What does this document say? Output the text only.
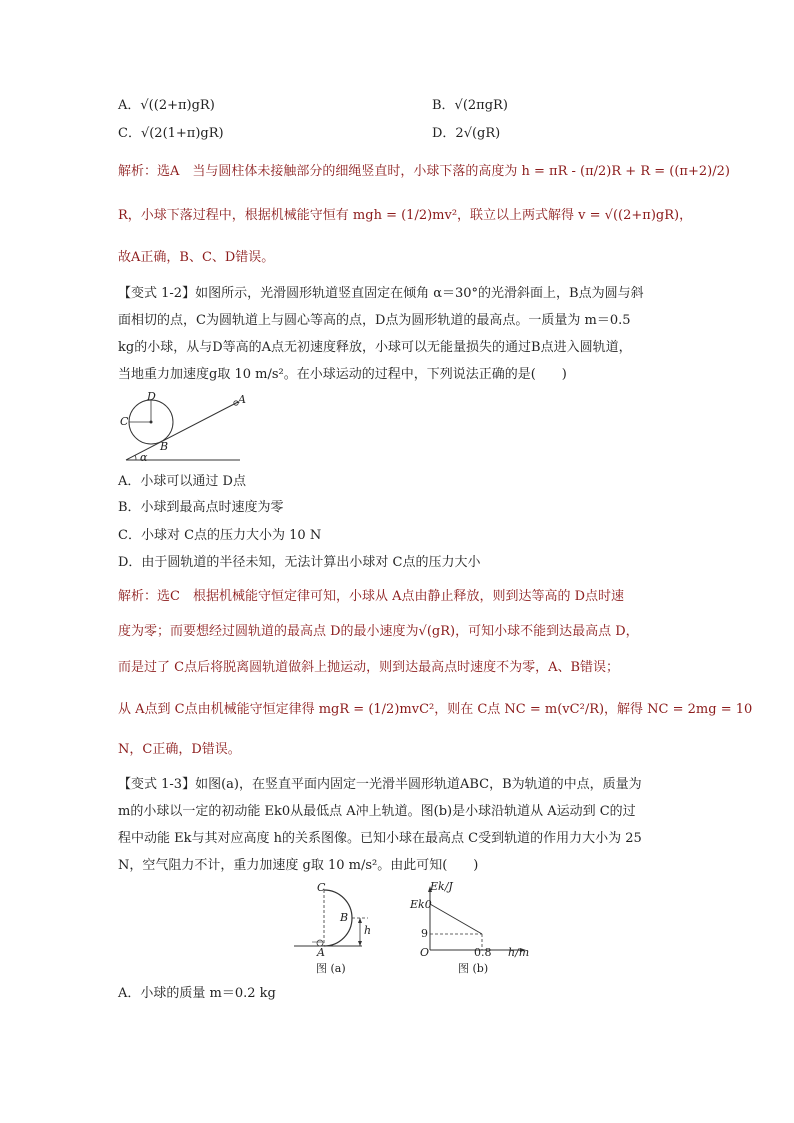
A．√((2+π)gR)	B．√(2πgR)
C．√(2(1+π)gR)	D．2√(gR)
解析：选A　当与圆柱体未接触部分的细绳竖直时，小球下落的高度为 h = πR - (π/2)R + R = ((π+2)/2)
R，小球下落过程中，根据机械能守恒有 mgh = (1/2)mv²，联立以上两式解得 v = √((2+π)gR)，
故A正确，B、C、D错误。
【变式 1-2】如图所示，光滑圆形轨道竖直固定在倾角 α＝30°的光滑斜面上，B点为圆与斜
面相切的点，C为圆轨道上与圆心等高的点，D点为圆形轨道的最高点。一质量为 m＝0.5
kg的小球，从与D等高的A点无初速度释放，小球可以无能量损失的通过B点进入圆轨道，
当地重力加速度g取 10 m/s²。在小球运动的过程中，下列说法正确的是(　　)
D	A
C
B
α
A．小球可以通过 D点
B．小球到最高点时速度为零
C．小球对 C点的压力大小为 10 N
D．由于圆轨道的半径未知，无法计算出小球对 C点的压力大小
解析：选C　根据机械能守恒定律可知，小球从 A点由静止释放，则到达等高的 D点时速
度为零；而要想经过圆轨道的最高点 D的最小速度为√(gR)，可知小球不能到达最高点 D，
而是过了 C点后将脱离圆轨道做斜上抛运动，则到达最高点时速度不为零，A、B错误；
从 A点到 C点由机械能守恒定律得 mgR = (1/2)mvC²，则在 C点 NC = m(vC²/R)，解得 NC = 2mg = 10
N，C正确，D错误。
【变式 1-3】如图(a)，在竖直平面内固定一光滑半圆形轨道ABC，B为轨道的中点，质量为
m的小球以一定的初动能 Ek0从最低点 A冲上轨道。图(b)是小球沿轨道从 A运动到 C的过
程中动能 Ek与其对应高度 h的关系图像。已知小球在最高点 C受到轨道的作用力大小为 25
N，空气阻力不计，重力加速度 g取 10 m/s²。由此可知(　　)
C
B
h
A
图 (a)
Ek/J
Ek0
9
O	0.8 h/m
图 (b)
A．小球的质量 m＝0.2 kg
